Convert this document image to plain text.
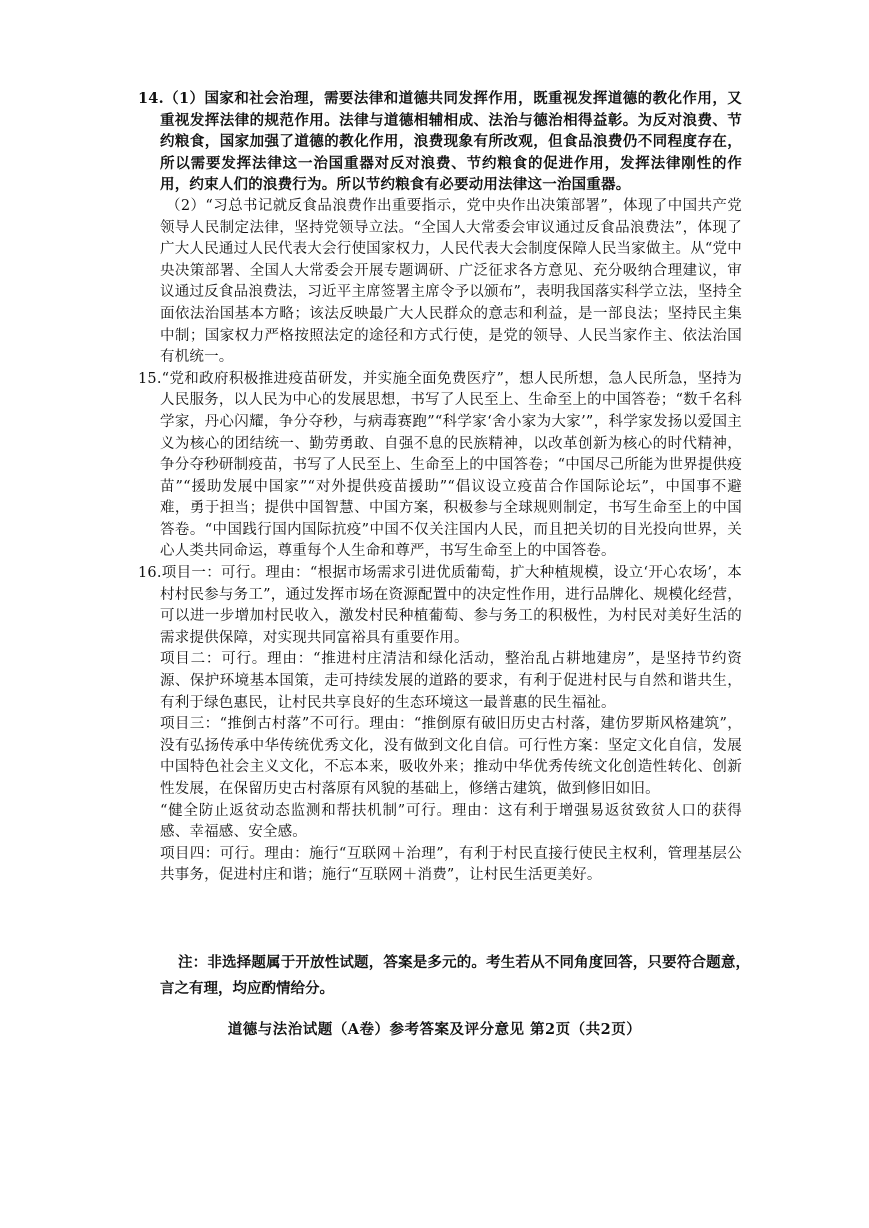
14.（1）国家和社会治理，需要法律和道德共同发挥作用，既重视发挥道德的教化作用，又重视发挥法律的规范作用。法律与道德相辅相成、法治与德治相得益彰。为反对浪费、节约粮食，国家加强了道德的教化作用，浪费现象有所改观，但食品浪费仍不同程度存在，所以需要发挥法律这一治国重器对反对浪费、节约粮食的促进作用，发挥法律刚性的作用，约束人们的浪费行为。所以节约粮食有必要动用法律这一治国重器。

（2）“习总书记就反食品浪费作出重要指示，党中央作出决策部署”，体现了中国共产党领导人民制定法律，坚持党领导立法。“全国人大常委会审议通过反食品浪费法”，体现了广大人民通过人民代表大会行使国家权力，人民代表大会制度保障人民当家做主。从“党中央决策部署、全国人大常委会开展专题调研、广泛征求各方意见、充分吸纳合理建议，审议通过反食品浪费法，习近平主席签署主席令予以颁布”，表明我国落实科学立法，坚持全面依法治国基本方略；该法反映最广大人民群众的意志和利益，是一部良法；坚持民主集中制；国家权力严格按照法定的途径和方式行使，是党的领导、人民当家作主、依法治国有机统一。

15.“党和政府积极推进疫苗研发，并实施全面免费医疗”，想人民所想，急人民所急，坚持为人民服务，以人民为中心的发展思想，书写了人民至上、生命至上的中国答卷；“数千名科学家，丹心闪耀，争分夺秒，与病毒赛跑”“科学家‘舍小家为大家’”，科学家发扬以爱国主义为核心的团结统一、勤劳勇敢、自强不息的民族精神，以改革创新为核心的时代精神，争分夺秒研制疫苗，书写了人民至上、生命至上的中国答卷；“中国尽己所能为世界提供疫苗”“援助发展中国家”“对外提供疫苗援助”“倡议设立疫苗合作国际论坛”，中国事不避难，勇于担当；提供中国智慧、中国方案，积极参与全球规则制定，书写生命至上的中国答卷。“中国践行国内国际抗疫”中国不仅关注国内人民，而且把关切的目光投向世界，关心人类共同命运，尊重每个人生命和尊严，书写生命至上的中国答卷。

16.项目一：可行。理由：“根据市场需求引进优质葡萄，扩大种植规模，设立‘开心农场’，本村村民参与务工”，通过发挥市场在资源配置中的决定性作用，进行品牌化、规模化经营，可以进一步增加村民收入，激发村民种植葡萄、参与务工的积极性，为村民对美好生活的需求提供保障，对实现共同富裕具有重要作用。

项目二：可行。理由：“推进村庄清洁和绿化活动，整治乱占耕地建房”，是坚持节约资源、保护环境基本国策，走可持续发展的道路的要求，有利于促进村民与自然和谐共生，有利于绿色惠民，让村民共享良好的生态环境这一最普惠的民生福祉。

项目三：“推倒古村落”不可行。理由：“推倒原有破旧历史古村落，建仿罗斯风格建筑”，没有弘扬传承中华传统优秀文化，没有做到文化自信。可行性方案：坚定文化自信，发展中国特色社会主义文化，不忘本来，吸收外来；推动中华优秀传统文化创造性转化、创新性发展，在保留历史古村落原有风貌的基础上，修缮古建筑，做到修旧如旧。

“健全防止返贫动态监测和帮扶机制”可行。理由：这有利于增强易返贫致贫人口的获得感、幸福感、安全感。

项目四：可行。理由：施行“互联网＋治理”，有利于村民直接行使民主权利，管理基层公共事务，促进村庄和谐；施行“互联网＋消费”，让村民生活更美好。

注：非选择题属于开放性试题，答案是多元的。考生若从不同角度回答，只要符合题意，言之有理，均应酌情给分。
道德与法治试题（A卷）参考答案及评分意见 第2页（共2页）
